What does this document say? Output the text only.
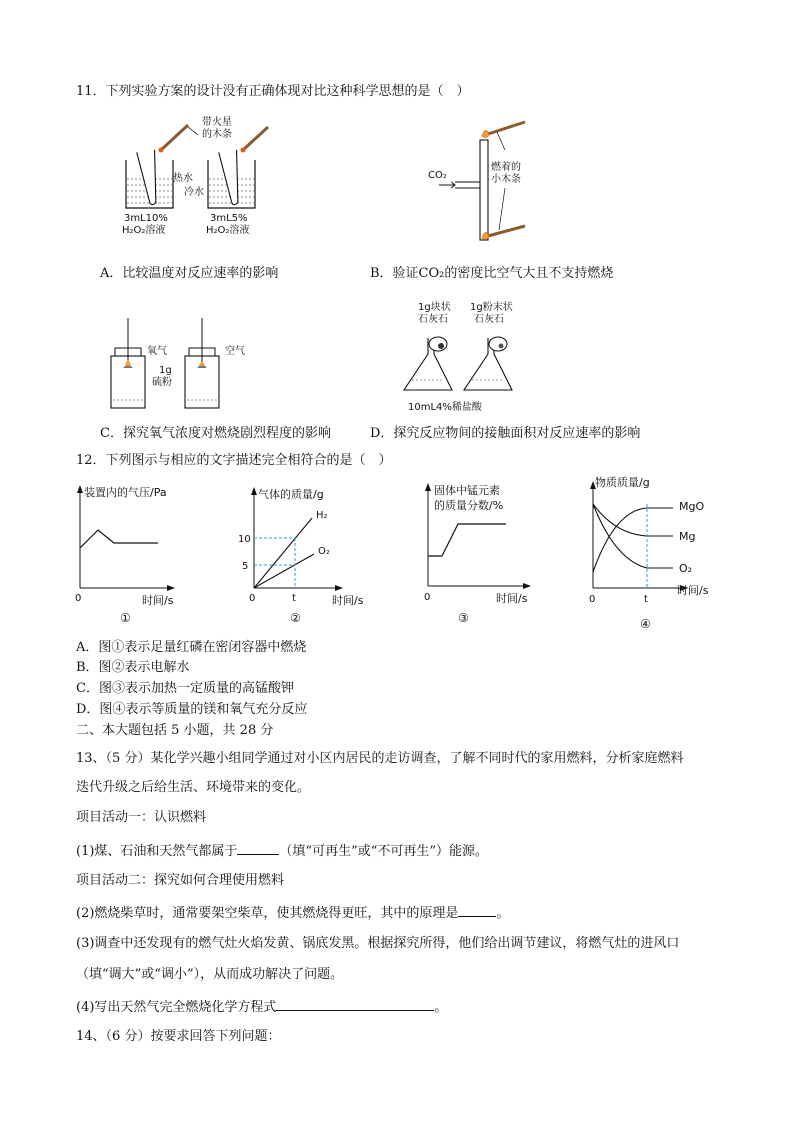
11．下列实验方案的设计没有正确体现对比这种科学思想的是（　）
带火星
的木条
热水
冷水
3mL10%
H₂O₂溶液
3mL5%
H₂O₂溶液
CO₂
燃着的
小木条
A．比较温度对反应速率的影响	B．验证CO₂的密度比空气大且不支持燃烧
氧气	空气
1g
硫粉
1g块状
石灰石
1g粉末状
石灰石
10mL4%稀盐酸
C．探究氧气浓度对燃烧剧烈程度的影响	D．探究反应物间的接触面积对反应速率的影响
12．下列图示与相应的文字描述完全相符合的是（　）
装置内的气压/Pa
时间/s
0
①
气体的质量/g
H₂
O₂
10
5
0	t	时间/s
②
固体中锰元素
的质量分数/%
0	时间/s
③
物质质量/g
MgO
Mg
O₂
0	t
时间/s
④
A．图①表示足量红磷在密闭容器中燃烧
B．图②表示电解水
C．图③表示加热一定质量的高锰酸钾
D．图④表示等质量的镁和氧气充分反应
二、本大题包括 5 小题，共 28 分
13、（5 分）某化学兴趣小组同学通过对小区内居民的走访调查，了解不同时代的家用燃料，分析家庭燃料
迭代升级之后给生活、环境带来的变化。
项目活动一：认识燃料
(1)煤、石油和天然气都属于	（填“可再生”或“不可再生”）能源。
项目活动二：探究如何合理使用燃料
(2)燃烧柴草时，通常要架空柴草，使其燃烧得更旺，其中的原理是	。
(3)调查中还发现有的燃气灶火焰发黄、锅底发黑。根据探究所得，他们给出调节建议，将燃气灶的进风口
（填“调大”或“调小”），从而成功解决了问题。
(4)写出天然气完全燃烧化学方程式	。
14、（6 分）按要求回答下列问题：
